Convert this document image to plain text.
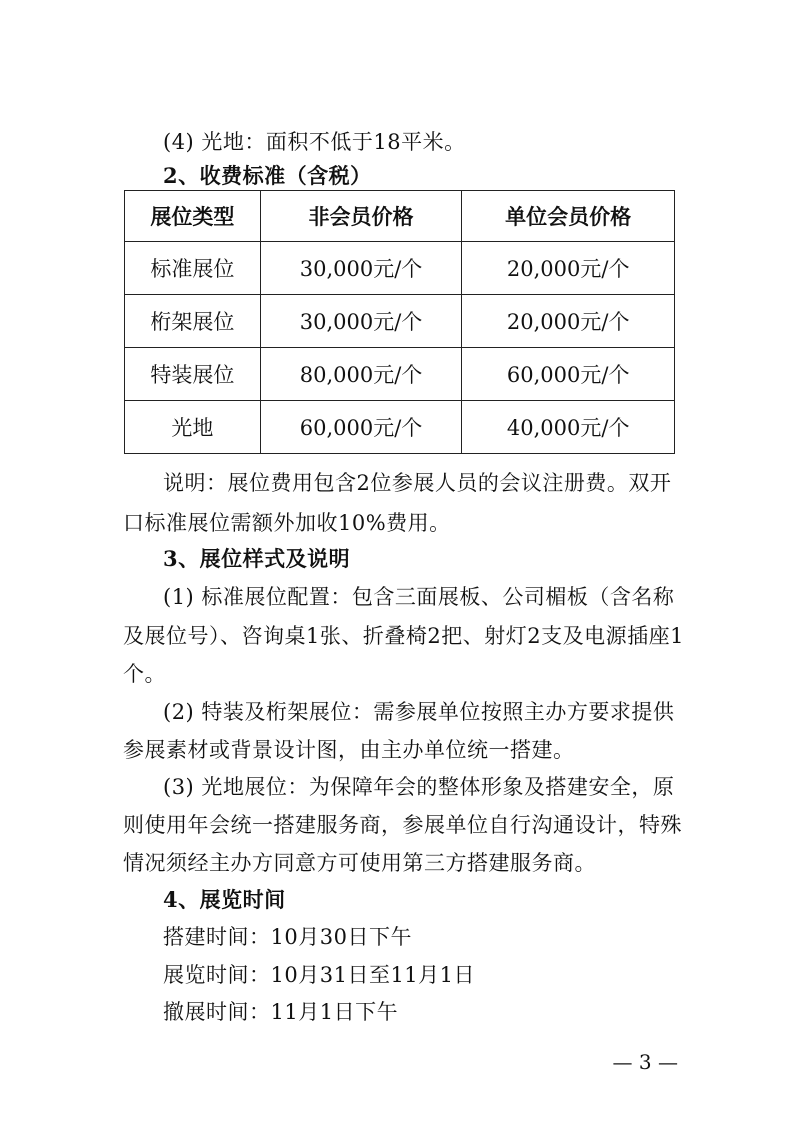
(4) 光地：面积不低于18平米。
2、收费标准（含税）
展位类型	非会员价格	单位会员价格
标准展位	30,000元/个	20,000元/个
桁架展位	30,000元/个	20,000元/个
特装展位	80,000元/个	60,000元/个
光地	60,000元/个	40,000元/个
说明：展位费用包含2位参展人员的会议注册费。双开
口标准展位需额外加收10%费用。
3、展位样式及说明
(1) 标准展位配置：包含三面展板、公司楣板（含名称
及展位号）、咨询桌1张、折叠椅2把、射灯2支及电源插座1
个。
(2) 特装及桁架展位：需参展单位按照主办方要求提供
参展素材或背景设计图，由主办单位统一搭建。
(3) 光地展位：为保障年会的整体形象及搭建安全，原
则使用年会统一搭建服务商，参展单位自行沟通设计，特殊
情况须经主办方同意方可使用第三方搭建服务商。
4、展览时间
搭建时间：10月30日下午
展览时间：10月31日至11月1日
撤展时间：11月1日下午
— 3 —
